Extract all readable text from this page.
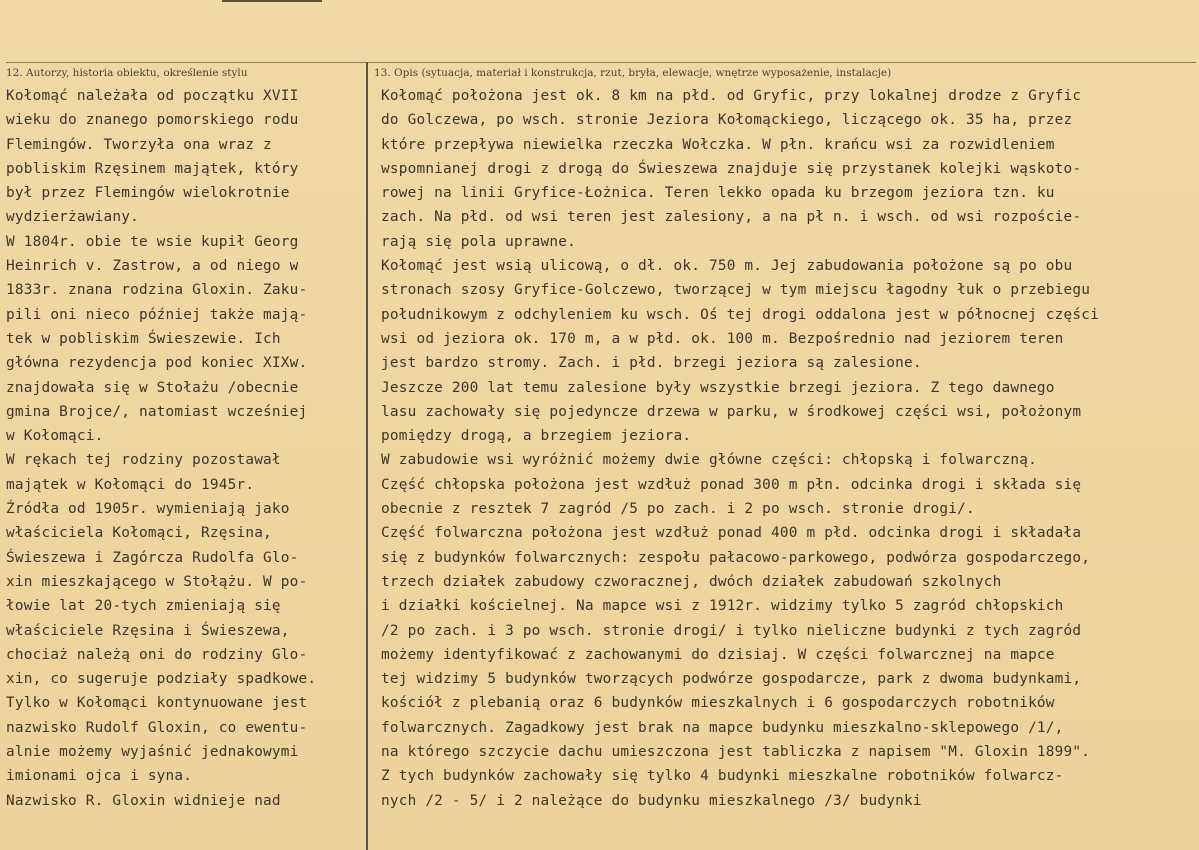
12. Autorzy, historia obiektu, określenie stylu	13. Opis (sytuacja, materiał i konstrukcja, rzut, bryła, elewacje, wnętrze wyposażenie, instalacje)
Kołomąć należała od początku XVII
wieku do znanego pomorskiego rodu
Flemingów. Tworzyła ona wraz z
pobliskim Rzęsinem majątek, który
był przez Flemingów wielokrotnie
wydzierżawiany.
W 1804r. obie te wsie kupił Georg
Heinrich v. Zastrow, a od niego w
1833r. znana rodzina Gloxin. Zaku-
pili oni nieco później także mają-
tek w pobliskim Świeszewie. Ich
główna rezydencja pod koniec XIXw.
znajdowała się w Stołażu /obecnie
gmina Brojce/, natomiast wcześniej
w Kołomąci.
W rękach tej rodziny pozostawał
majątek w Kołomąci do 1945r.
Źródła od 1905r. wymieniają jako
właściciela Kołomąci, Rzęsina,
Świeszewa i Zagórcza Rudolfa Glo-
xin mieszkającego w Stołążu. W po-
łowie lat 20-tych zmieniają się
właściciele Rzęsina i Świeszewa,
chociaż należą oni do rodziny Glo-
xin, co sugeruje podziały spadkowe.
Tylko w Kołomąci kontynuowane jest
nazwisko Rudolf Gloxin, co ewentu-
alnie możemy wyjaśnić jednakowymi
imionami ojca i syna.
Nazwisko R. Gloxin widnieje nad
Kołomąć położona jest ok. 8 km na płd. od Gryfic, przy lokalnej drodze z Gryfic
do Golczewa, po wsch. stronie Jeziora Kołomąckiego, liczącego ok. 35 ha, przez
które przepływa niewielka rzeczka Wołczka. W płn. krańcu wsi za rozwidleniem
wspomnianej drogi z drogą do Świeszewa znajduje się przystanek kolejki wąskoto-
rowej na linii Gryfice-Łożnica. Teren lekko opada ku brzegom jeziora tzn. ku
zach. Na płd. od wsi teren jest zalesiony, a na pł n. i wsch. od wsi rozpoście-
rają się pola uprawne.
Kołomąć jest wsią ulicową, o dł. ok. 750 m. Jej zabudowania położone są po obu
stronach szosy Gryfice-Golczewo, tworzącej w tym miejscu łagodny łuk o przebiegu
południkowym z odchyleniem ku wsch. Oś tej drogi oddalona jest w północnej części
wsi od jeziora ok. 170 m, a w płd. ok. 100 m. Bezpośrednio nad jeziorem teren
jest bardzo stromy. Zach. i płd. brzegi jeziora są zalesione.
Jeszcze 200 lat temu zalesione były wszystkie brzegi jeziora. Z tego dawnego
lasu zachowały się pojedyncze drzewa w parku, w środkowej części wsi, położonym
pomiędzy drogą, a brzegiem jeziora.
W zabudowie wsi wyróżnić możemy dwie główne części: chłopską i folwarczną.
Część chłopska położona jest wzdłuż ponad 300 m płn. odcinka drogi i składa się
obecnie z resztek 7 zagród /5 po zach. i 2 po wsch. stronie drogi/.
Część folwarczna położona jest wzdłuż ponad 400 m płd. odcinka drogi i składała
się z budynków folwarcznych: zespołu pałacowo-parkowego, podwórza gospodarczego,
trzech działek zabudowy czworacznej, dwóch działek zabudowań szkolnych
i działki kościelnej. Na mapce wsi z 1912r. widzimy tylko 5 zagród chłopskich
/2 po zach. i 3 po wsch. stronie drogi/ i tylko nieliczne budynki z tych zagród
możemy identyfikować z zachowanymi do dzisiaj. W części folwarcznej na mapce
tej widzimy 5 budynków tworzących podwórze gospodarcze, park z dwoma budynkami,
kościół z plebanią oraz 6 budynków mieszkalnych i 6 gospodarczych robotników
folwarcznych. Zagadkowy jest brak na mapce budynku mieszkalno-sklepowego /1/,
na którego szczycie dachu umieszczona jest tabliczka z napisem "M. Gloxin 1899".
Z tych budynków zachowały się tylko 4 budynki mieszkalne robotników folwarcz-
nych /2 - 5/ i 2 należące do budynku mieszkalnego /3/ budynki
